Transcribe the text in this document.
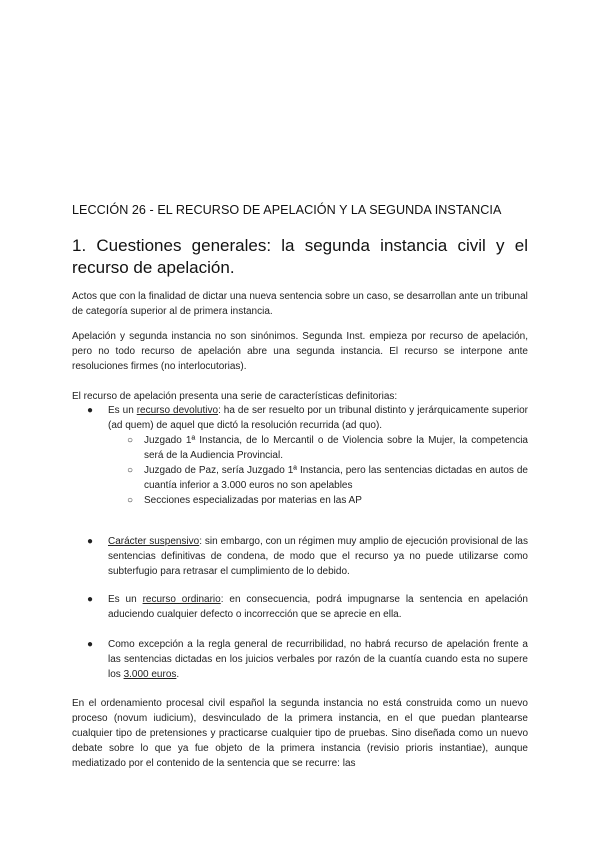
LECCIÓN 26 - EL RECURSO DE APELACIÓN Y LA SEGUNDA INSTANCIA
1. Cuestiones generales: la segunda instancia civil y el recurso de apelación.
Actos que con la finalidad de dictar una nueva sentencia sobre un caso, se desarrollan ante un tribunal de categoría superior al de primera instancia.
Apelación y segunda instancia no son sinónimos. Segunda Inst. empieza por recurso de apelación, pero no todo recurso de apelación abre una segunda instancia. El recurso se interpone ante resoluciones firmes (no interlocutorias).
El recurso de apelación presenta una serie de características definitorias:
● Es un recurso devolutivo: ha de ser resuelto por un tribunal distinto y jerárquicamente superior (ad quem) de aquel que dictó la resolución recurrida (ad quo).
○ Juzgado 1ª Instancia, de lo Mercantil o de Violencia sobre la Mujer, la competencia será de la Audiencia Provincial.
○ Juzgado de Paz, sería Juzgado 1ª Instancia, pero las sentencias dictadas en autos de cuantía inferior a 3.000 euros no son apelables
○ Secciones especializadas por materias en las AP
● Carácter suspensivo: sin embargo, con un régimen muy amplio de ejecución provisional de las sentencias definitivas de condena, de modo que el recurso ya no puede utilizarse como subterfugio para retrasar el cumplimiento de lo debido.
● Es un recurso ordinario: en consecuencia, podrá impugnarse la sentencia en apelación aduciendo cualquier defecto o incorrección que se aprecie en ella.
● Como excepción a la regla general de recurribilidad, no habrá recurso de apelación frente a las sentencias dictadas en los juicios verbales por razón de la cuantía cuando esta no supere los 3.000 euros.
En el ordenamiento procesal civil español la segunda instancia no está construida como un nuevo proceso (novum iudicium), desvinculado de la primera instancia, en el que puedan plantearse cualquier tipo de pretensiones y practicarse cualquier tipo de pruebas. Sino diseñada como un nuevo debate sobre lo que ya fue objeto de la primera instancia (revisio prioris instantiae), aunque mediatizado por el contenido de la sentencia que se recurre: las
